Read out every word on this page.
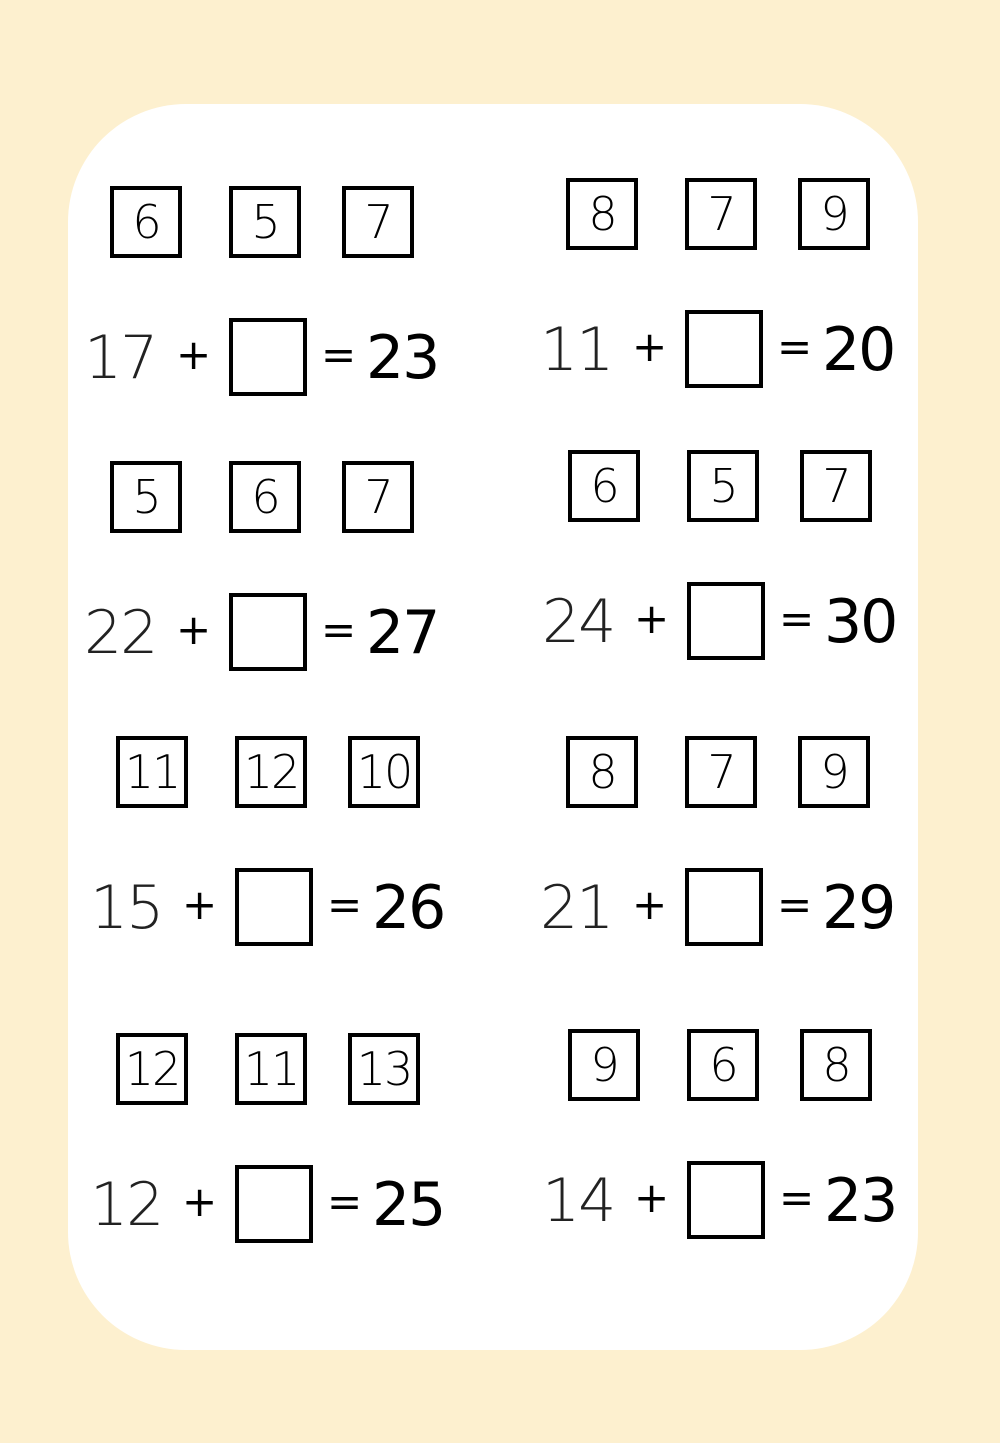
6	5	7
17 +	= 23
8	7	9
11 +	= 20
5	6	7
22 +	= 27
6	5	7
24 +	= 30
11 12 10
15 +	= 26
8	7	9
21 +	= 29
12 11 13
12 +	= 25
9	6	8
14 +	= 23
